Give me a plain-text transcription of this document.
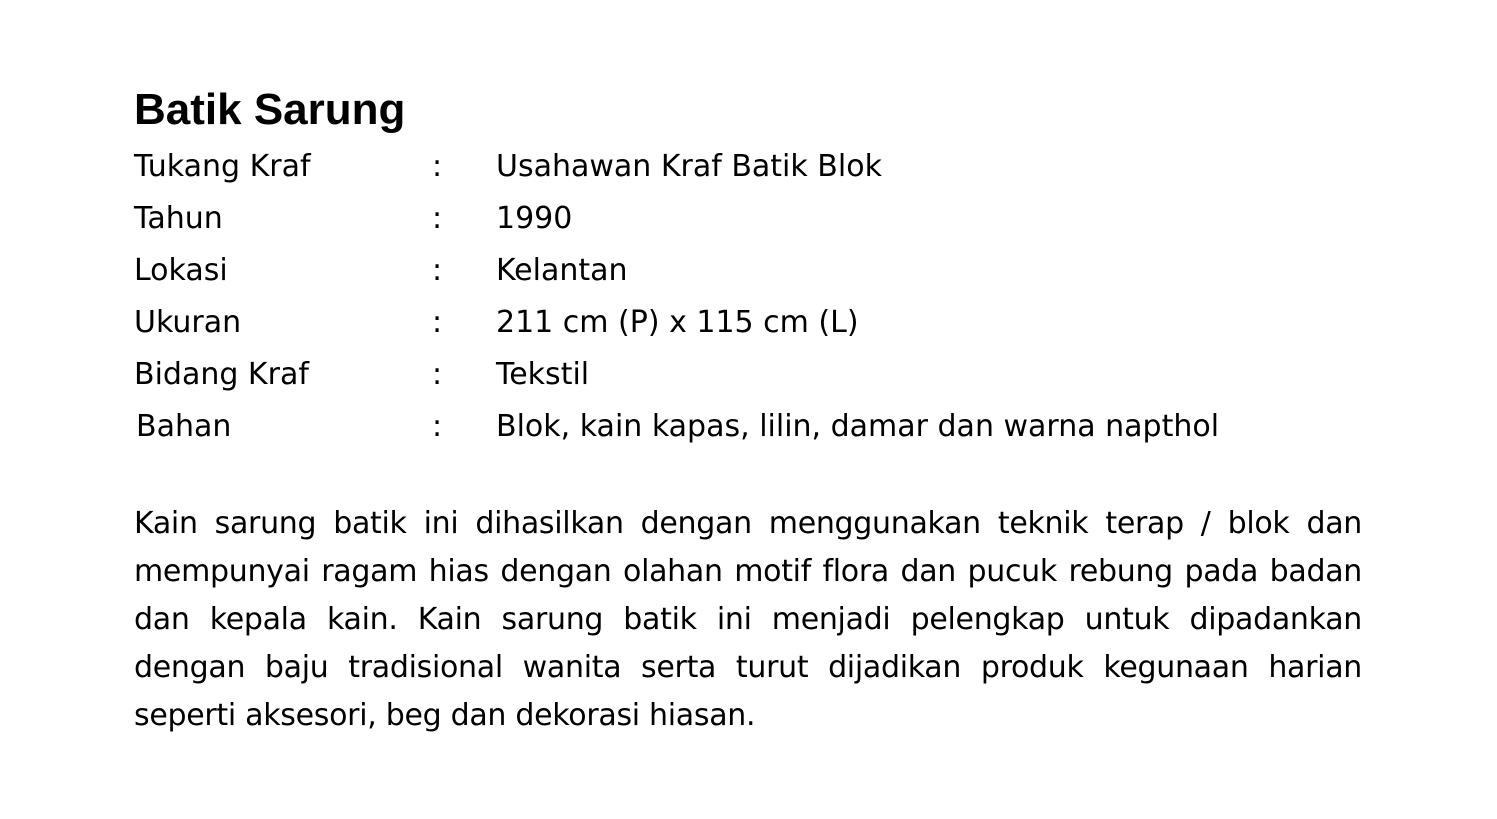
Batik Sarung
Tukang Kraf	: Usahawan Kraf Batik Blok
Tahun	: 1990
Lokasi	: Kelantan
Ukuran	: 211 cm (P) x 115 cm (L)
Bidang Kraf	: Tekstil
Bahan	: Blok, kain kapas, lilin, damar dan warna napthol

Kain sarung batik ini dihasilkan dengan menggunakan teknik terap / blok dan mempunyai ragam hias dengan olahan motif flora dan pucuk rebung pada badan dan kepala kain. Kain sarung batik ini menjadi pelengkap untuk dipadankan dengan baju tradisional wanita serta turut dijadikan produk kegunaan harian seperti aksesori, beg dan dekorasi hiasan.
